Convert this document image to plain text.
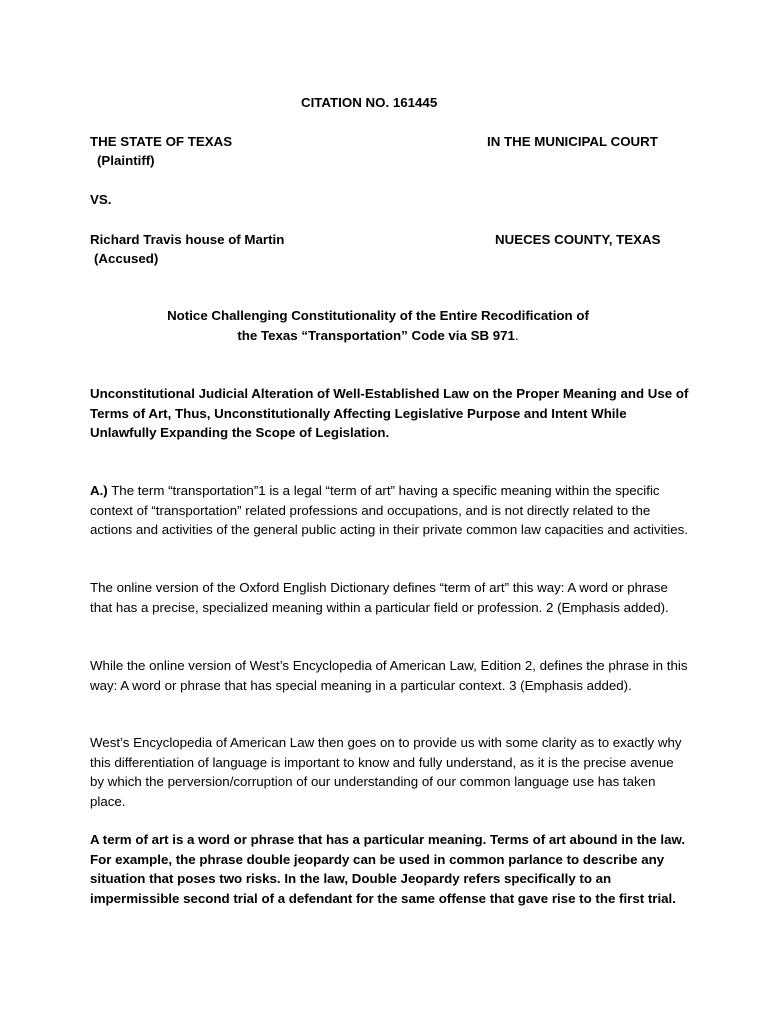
CITATION NO. 161445
THE STATE OF TEXAS
(Plaintiff)
IN THE MUNICIPAL COURT
VS.
Richard Travis house of Martin
(Accused)
NUECES COUNTY, TEXAS
Notice Challenging Constitutionality of the Entire Recodification of
the Texas “Transportation” Code via SB 971.
Unconstitutional Judicial Alteration of Well-Established Law on the Proper Meaning and Use of Terms of Art, Thus, Unconstitutionally Affecting Legislative Purpose and Intent While Unlawfully Expanding the Scope of Legislation.
A.) The term “transportation”1 is a legal “term of art” having a specific meaning within the specific context of “transportation” related professions and occupations, and is not directly related to the actions and activities of the general public acting in their private common law capacities and activities.
The online version of the Oxford English Dictionary defines “term of art” this way: A word or phrase that has a precise, specialized meaning within a particular field or profession. 2 (Emphasis added).
While the online version of West’s Encyclopedia of American Law, Edition 2, defines the phrase in this way: A word or phrase that has special meaning in a particular context. 3 (Emphasis added).
West’s Encyclopedia of American Law then goes on to provide us with some clarity as to exactly why this differentiation of language is important to know and fully understand, as it is the precise avenue by which the perversion/corruption of our understanding of our common language use has taken place.
A term of art is a word or phrase that has a particular meaning. Terms of art abound in the law. For example, the phrase double jeopardy can be used in common parlance to describe any situation that poses two risks. In the law, Double Jeopardy refers specifically to an impermissible second trial of a defendant for the same offense that gave rise to the first trial.
